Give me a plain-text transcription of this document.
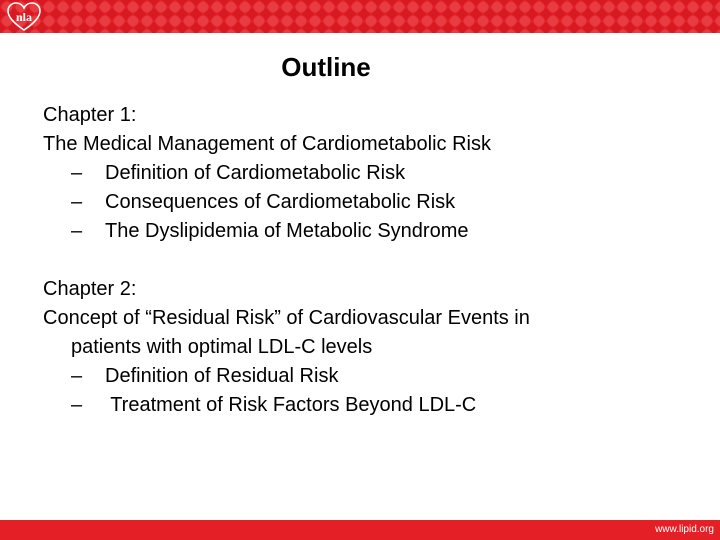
nla
Outline
Chapter 1:
The Medical Management of Cardiometabolic Risk
–	Definition of Cardiometabolic Risk
–	Consequences of Cardiometabolic Risk
–	The Dyslipidemia of Metabolic Syndrome
Chapter 2:
Concept of “Residual Risk” of Cardiovascular Events in
patients with optimal LDL-C levels
–	Definition of Residual Risk
–	Treatment of Risk Factors Beyond LDL-C
www.lipid.org
